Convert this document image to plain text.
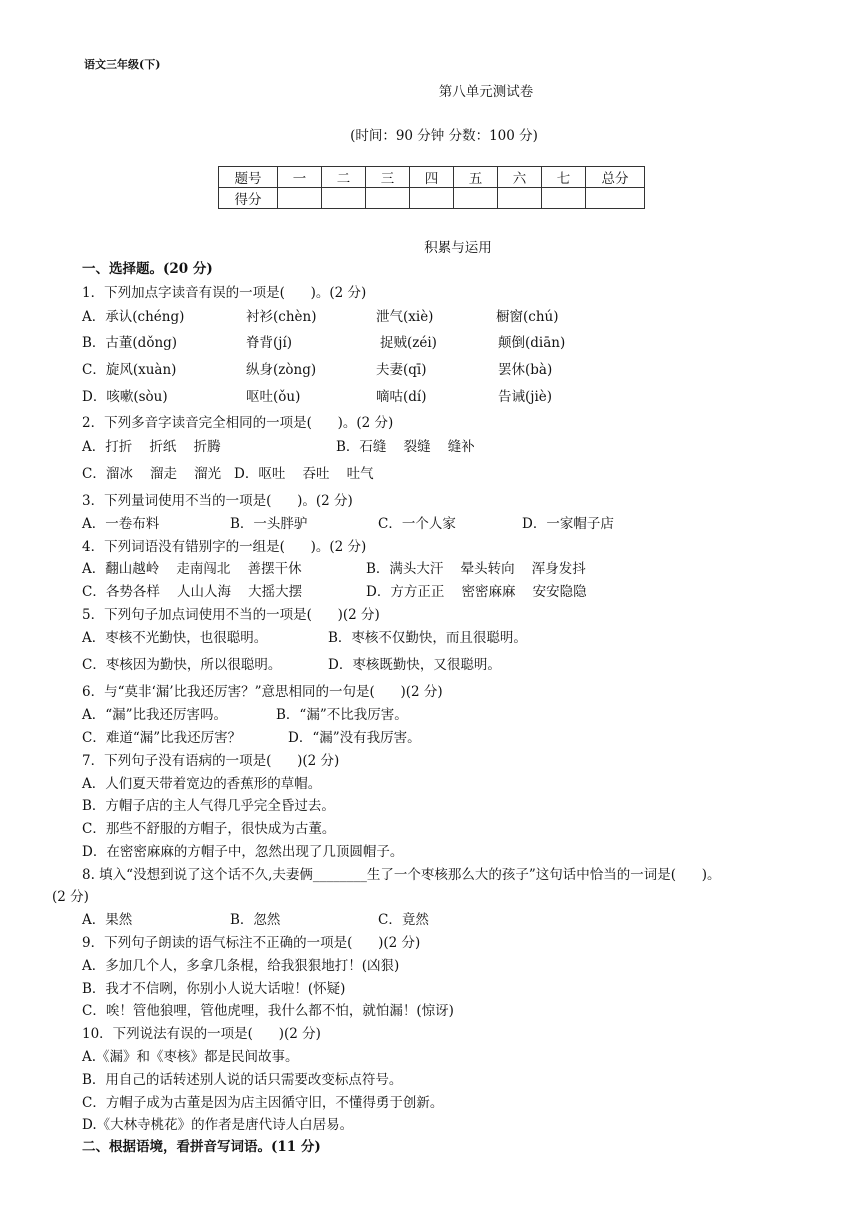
语文三年级(下)
第八单元测试卷
(时间：90 分钟 分数：100 分)
题号	一	二	三	四	五	六	七	总分
得分								
积累与运用
一、选择题。(20 分)
1．下列加点字读音有误的一项是(      )。(2 分)
A．承认(chéng)	衬衫(chèn)	泄气(xiè)	橱窗(chú)
B．古董(dǒng)	脊背(jí)	捉贼(zéi)	颠倒(diān)
C．旋风(xuàn)	纵身(zòng)	夫妻(qī)	罢休(bà)
D．咳嗽(sòu)	呕吐(ǒu)	嘀咕(dí)	告诫(jiè)
2．下列多音字读音完全相同的一项是(      )。(2 分)
A．打折    折纸    折腾	B．石缝    裂缝    缝补
C．溜冰    溜走    溜光   D．呕吐    吞吐    吐气
3．下列量词使用不当的一项是(      )。(2 分)
A．一卷布料	B．一头胖驴	C．一个人家	D．一家帽子店
4．下列词语没有错别字的一组是(      )。(2 分)
A．翻山越岭    走南闯北    善摆干休	B．满头大汗    晕头转向    浑身发抖
C．各势各样    人山人海    大摇大摆	D．方方正正    密密麻麻    安安隐隐
5．下列句子加点词使用不当的一项是(      )(2 分)
A．枣核不光勤快，也很聪明。	B．枣核不仅勤快，而且很聪明。
C．枣核因为勤快，所以很聪明。	D．枣核既勤快，又很聪明。
6．与“莫非‘漏’比我还厉害？”意思相同的一句是(      )(2 分)
A．“漏”比我还厉害吗。	B．“漏”不比我厉害。
C．难道“漏”比我还厉害？	D．“漏”没有我厉害。
7．下列句子没有语病的一项是(      )(2 分)
A．人们夏天带着宽边的香蕉形的草帽。
B．方帽子店的主人气得几乎完全昏过去。
C．那些不舒服的方帽子，很快成为古董。
D．在密密麻麻的方帽子中，忽然出现了几顶圆帽子。
8. 填入“没想到说了这个话不久,夫妻俩________生了一个枣核那么大的孩子”这句话中恰当的一词是(      )。
(2 分)
A．果然	B．忽然	C．竟然
9．下列句子朗读的语气标注不正确的一项是(      )(2 分)
A．多加几个人，多拿几条棍，给我狠狠地打！(凶狠)
B．我才不信咧，你别小人说大话啦！(怀疑)
C．唉！管他狼哩，管他虎哩，我什么都不怕，就怕漏！(惊讶)
10．下列说法有误的一项是(      )(2 分)
A.《漏》和《枣核》都是民间故事。
B．用自己的话转述别人说的话只需要改变标点符号。
C．方帽子成为古董是因为店主因循守旧，不懂得勇于创新。
D.《大林寺桃花》的作者是唐代诗人白居易。
二、根据语境，看拼音写词语。(11 分)
